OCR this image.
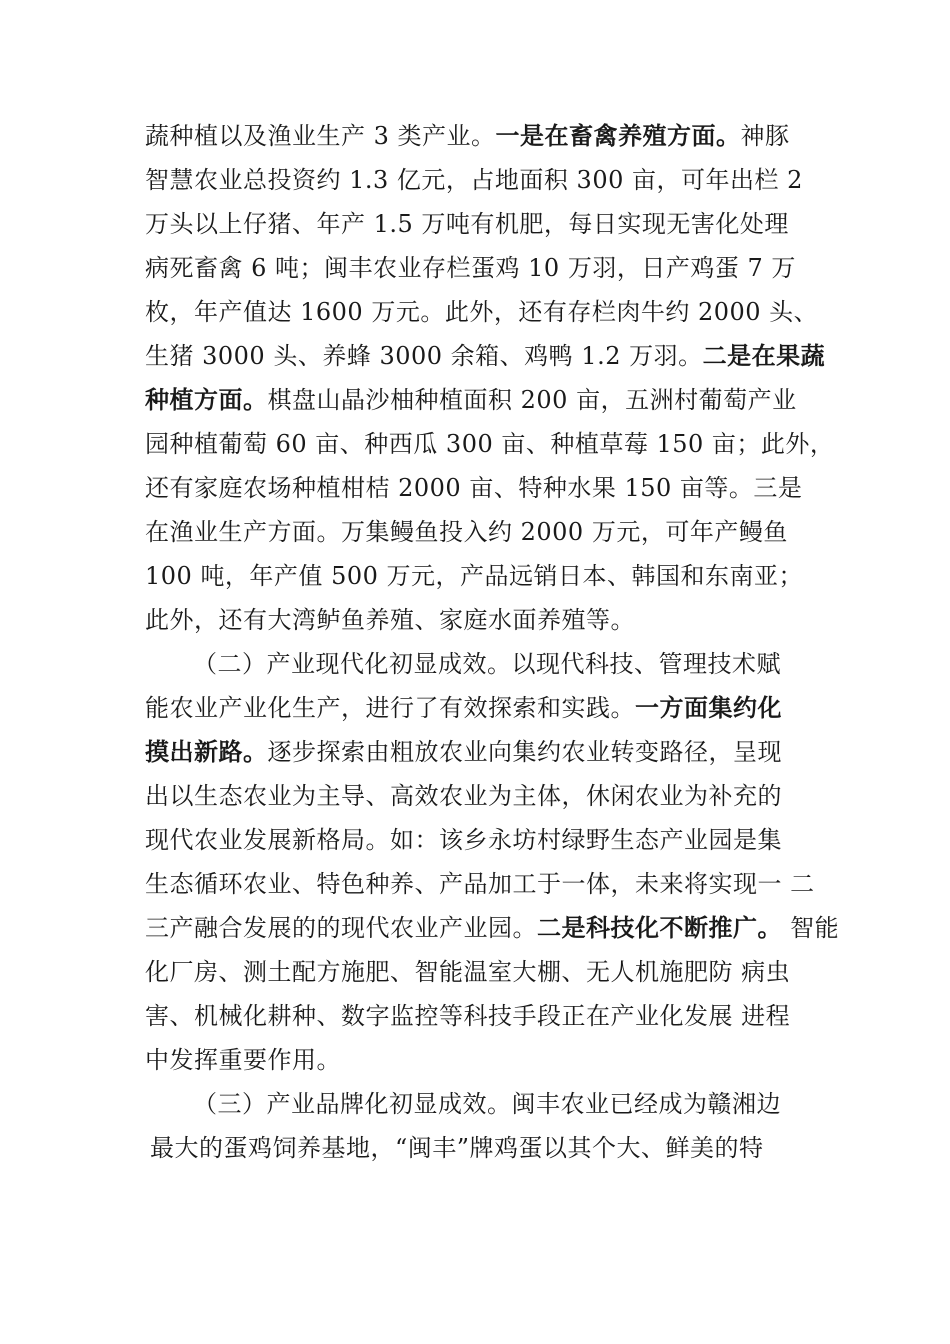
蔬种植以及渔业生产 3 类产业。一是在畜禽养殖方面。神豚
智慧农业总投资约 1.3 亿元，占地面积 300 亩，可年出栏 2
万头以上仔猪、年产 1.5 万吨有机肥，每日实现无害化处理
病死畜禽 6 吨；闽丰农业存栏蛋鸡 10 万羽，日产鸡蛋 7 万
枚，年产值达 1600 万元。此外，还有存栏肉牛约 2000 头、
生猪 3000 头、养蜂 3000 余箱、鸡鸭 1.2 万羽。二是在果蔬
种植方面。棋盘山晶沙柚种植面积 200 亩，五洲村葡萄产业
园种植葡萄 60 亩、种西瓜 300 亩、种植草莓 150 亩；此外，
还有家庭农场种植柑桔 2000 亩、特种水果 150 亩等。三是
在渔业生产方面。万集鳗鱼投入约 2000 万元，可年产鳗鱼
100 吨，年产值 500 万元，产品远销日本、韩国和东南亚；
此外，还有大湾鲈鱼养殖、家庭水面养殖等。
（二）产业现代化初显成效。以现代科技、管理技术赋
能农业产业化生产，进行了有效探索和实践。一方面集约化
摸出新路。逐步探索由粗放农业向集约农业转变路径，呈现
出以生态农业为主导、高效农业为主体，休闲农业为补充的
现代农业发展新格局。如：该乡永坊村绿野生态产业园是集
生态循环农业、特色种养、产品加工于一体，未来将实现一 二
三产融合发展的的现代农业产业园。二是科技化不断推广。 智能
化厂房、测土配方施肥、智能温室大棚、无人机施肥防 病虫
害、机械化耕种、数字监控等科技手段正在产业化发展 进程
中发挥重要作用。
（三）产业品牌化初显成效。闽丰农业已经成为赣湘边
最大的蛋鸡饲养基地，“闽丰”牌鸡蛋以其个大、鲜美的特
